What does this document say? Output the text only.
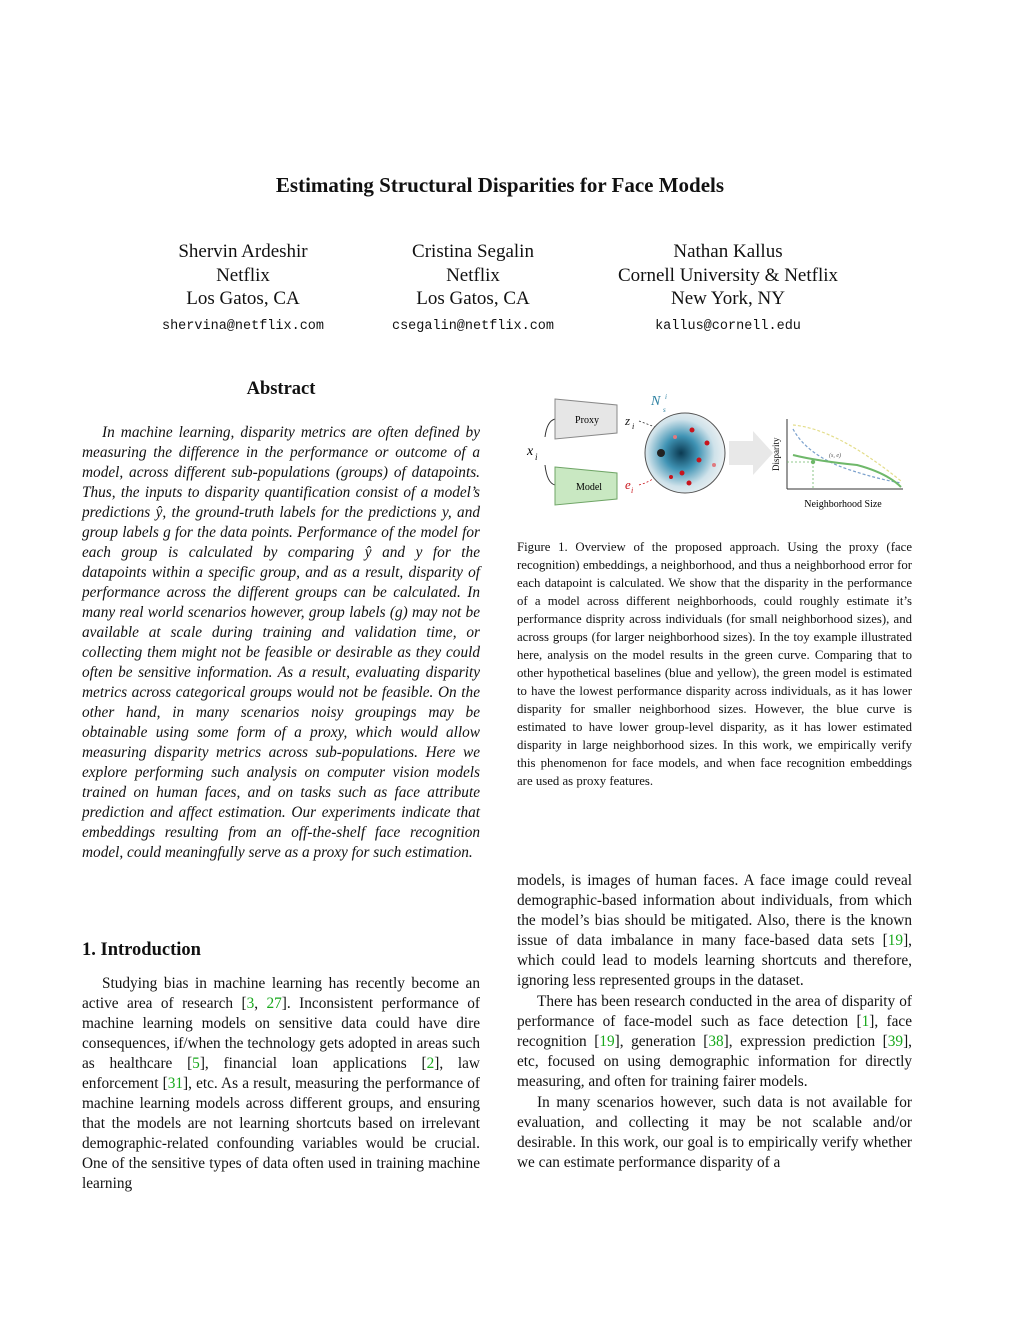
Estimating Structural Disparities for Face Models
Shervin Ardeshir
Netflix
Los Gatos, CA
shervina@netflix.com
Cristina Segalin
Netflix
Los Gatos, CA
csegalin@netflix.com
Nathan Kallus
Cornell University & Netflix
New York, NY
kallus@cornell.edu
Abstract

In machine learning, disparity metrics are often defined by measuring the difference in the performance or outcome of a model, across different sub-populations (groups) of datapoints. Thus, the inputs to disparity quantification consist of a model’s predictions ŷ, the ground-truth labels for the predictions y, and group labels g for the data points. Performance of the model for each group is calculated by comparing ŷ and y for the datapoints within a specific group, and as a result, disparity of performance across the different groups can be calculated. In many real world scenarios however, group labels (g) may not be available at scale during training and validation time, or collecting them might not be feasible or desirable as they could often be sensitive information. As a result, evaluating disparity metrics across categorical groups would not be feasible. On the other hand, in many scenarios noisy groupings may be obtainable using some form of a proxy, which would allow measuring disparity metrics across sub-populations. Here we explore performing such analysis on computer vision models trained on human faces, and on tasks such as face attribute prediction and affect estimation. Our experiments indicate that embeddings resulting from an off-the-shelf face recognition model, could meaningfully serve as a proxy for such estimation.

x i
Proxy
Model
z i
e i
N
s
i
Disparity
Neighborhood Size
(s, e)
Figure 1. Overview of the proposed approach. Using the proxy (face recognition) embeddings, a neighborhood, and thus a neighborhood error for each datapoint is calculated. We show that the disparity in the performance of a model across different neighborhoods, could roughly estimate it’s performance disprity across individuals (for small neighborhood sizes), and across groups (for larger neighborhood sizes). In the toy example illustrated here, analysis on the model results in the green curve. Comparing that to other hypothetical baselines (blue and yellow), the green model is estimated to have the lowest performance disparity across individuals, as it has lower disparity for smaller neighborhood sizes. However, the blue curve is estimated to have lower group-level disparity, as it has lower estimated disparity in large neighborhood sizes. In this work, we empirically verify this phenomenon for face models, and when face recognition embeddings are used as proxy features.
1. Introduction

Studying bias in machine learning has recently become an active area of research [3, 27]. Inconsistent performance of machine learning models on sensitive data could have dire consequences, if/when the technology gets adopted in areas such as healthcare [5], financial loan applications [2], law enforcement [31], etc. As a result, measuring the performance of machine learning models across different groups, and ensuring that the models are not learning shortcuts based on irrelevant demographic-related confounding variables would be crucial. One of the sensitive types of data often used in training machine learning

models, is images of human faces. A face image could reveal demographic-based information about individuals, from which the model’s bias should be mitigated. Also, there is the known issue of data imbalance in many face-based data sets [19], which could lead to models learning shortcuts and therefore, ignoring less represented groups in the dataset.

There has been research conducted in the area of disparity of performance of face-model such as face detection [1], face recognition [19], generation [38], expression prediction [39], etc, focused on using demographic information for directly measuring, and often for training fairer models.

In many scenarios however, such data is not available for evaluation, and collecting it may be not scalable and/or desirable. In this work, our goal is to empirically verify whether we can estimate performance disparity of a
